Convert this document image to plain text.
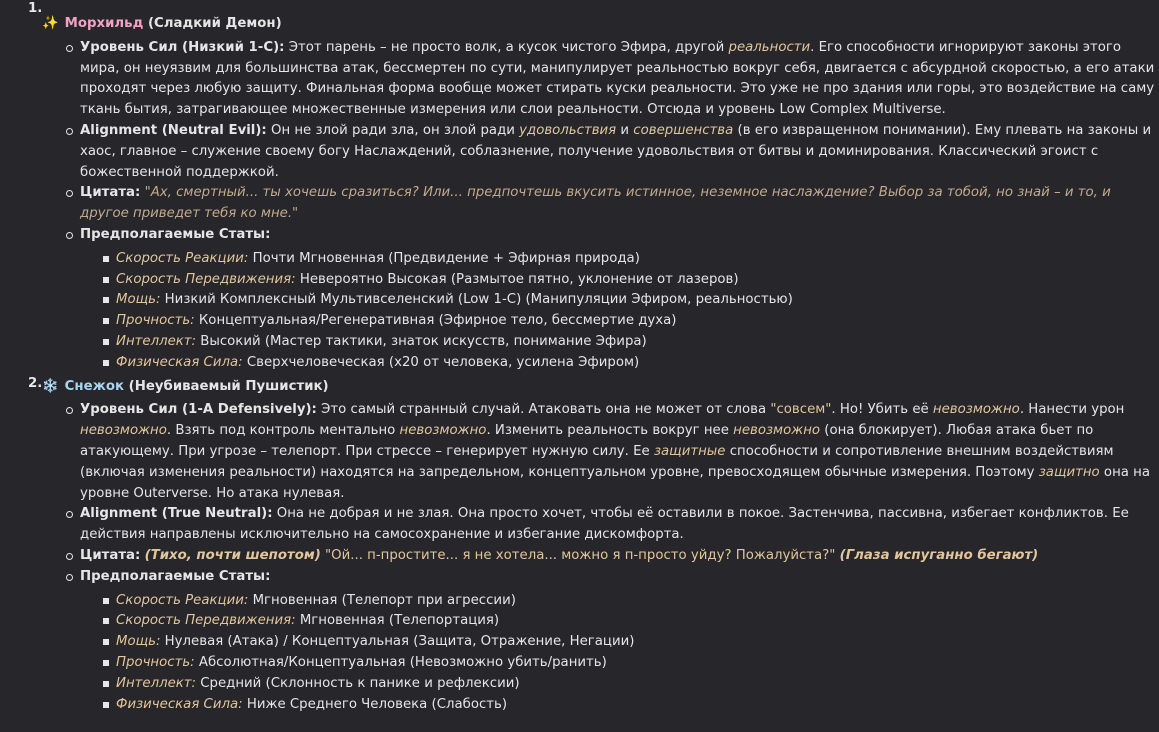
1.
✨ Морхильд (Сладкий Демон)
Уровень Сил (Низкий 1-C): Этот парень – не просто волк, а кусок чистого Эфира, другой реальности. Его способности игнорируют законы этого мира, он неуязвим для большинства атак, бессмертен по сути, манипулирует реальностью вокруг себя, двигается с абсурдной скоростью, а его атаки проходят через любую защиту. Финальная форма вообще может стирать куски реальности. Это уже не про здания или горы, это воздействие на саму ткань бытия, затрагивающее множественные измерения или слои реальности. Отсюда и уровень Low Complex Multiverse.
Alignment (Neutral Evil): Он не злой ради зла, он злой ради удовольствия и совершенства (в его извращенном понимании). Ему плевать на законы и хаос, главное – служение своему богу Наслаждений, соблазнение, получение удовольствия от битвы и доминирования. Классический эгоист с божественной поддержкой.
Цитата: "Ах, смертный... ты хочешь сразиться? Или... предпочтешь вкусить истинное, неземное наслаждение? Выбор за тобой, но знай – и то, и другое приведет тебя ко мне."
Предполагаемые Статы:
Скорость Реакции: Почти Мгновенная (Предвидение + Эфирная природа)
Скорость Передвижения: Невероятно Высокая (Размытое пятно, уклонение от лазеров)
Мощь: Низкий Комплексный Мультивселенский (Low 1-C) (Манипуляции Эфиром, реальностью)
Прочность: Концептуальная/Регенеративная (Эфирное тело, бессмертие духа)
Интеллект: Высокий (Мастер тактики, знаток искусств, понимание Эфира)
Физическая Сила: Сверхчеловеческая (x20 от человека, усилена Эфиром)
2. ❄️ Снежок (Неубиваемый Пушистик)
Уровень Сил (1-A Defensively): Это самый странный случай. Атаковать она не может от слова "совсем". Но! Убить её невозможно. Нанести урон невозможно. Взять под контроль ментально невозможно. Изменить реальность вокруг нее невозможно (она блокирует). Любая атака бьет по атакующему. При угрозе – телепорт. При стрессе – генерирует нужную силу. Ее защитные способности и сопротивление внешним воздействиям (включая изменения реальности) находятся на запредельном, концептуальном уровне, превосходящем обычные измерения. Поэтому защитно она на уровне Outerverse. Но атака нулевая.
Alignment (True Neutral): Она не добрая и не злая. Она просто хочет, чтобы её оставили в покое. Застенчива, пассивна, избегает конфликтов. Ее действия направлены исключительно на самосохранение и избегание дискомфорта.
Цитата: (Тихо, почти шепотом) "Ой... п-простите... я не хотела... можно я п-просто уйду? Пожалуйста?" (Глаза испуганно бегают)
Предполагаемые Статы:
Скорость Реакции: Мгновенная (Телепорт при агрессии)
Скорость Передвижения: Мгновенная (Телепортация)
Мощь: Нулевая (Атака) / Концептуальная (Защита, Отражение, Негации)
Прочность: Абсолютная/Концептуальная (Невозможно убить/ранить)
Интеллект: Средний (Склонность к панике и рефлексии)
Физическая Сила: Ниже Среднего Человека (Слабость)
